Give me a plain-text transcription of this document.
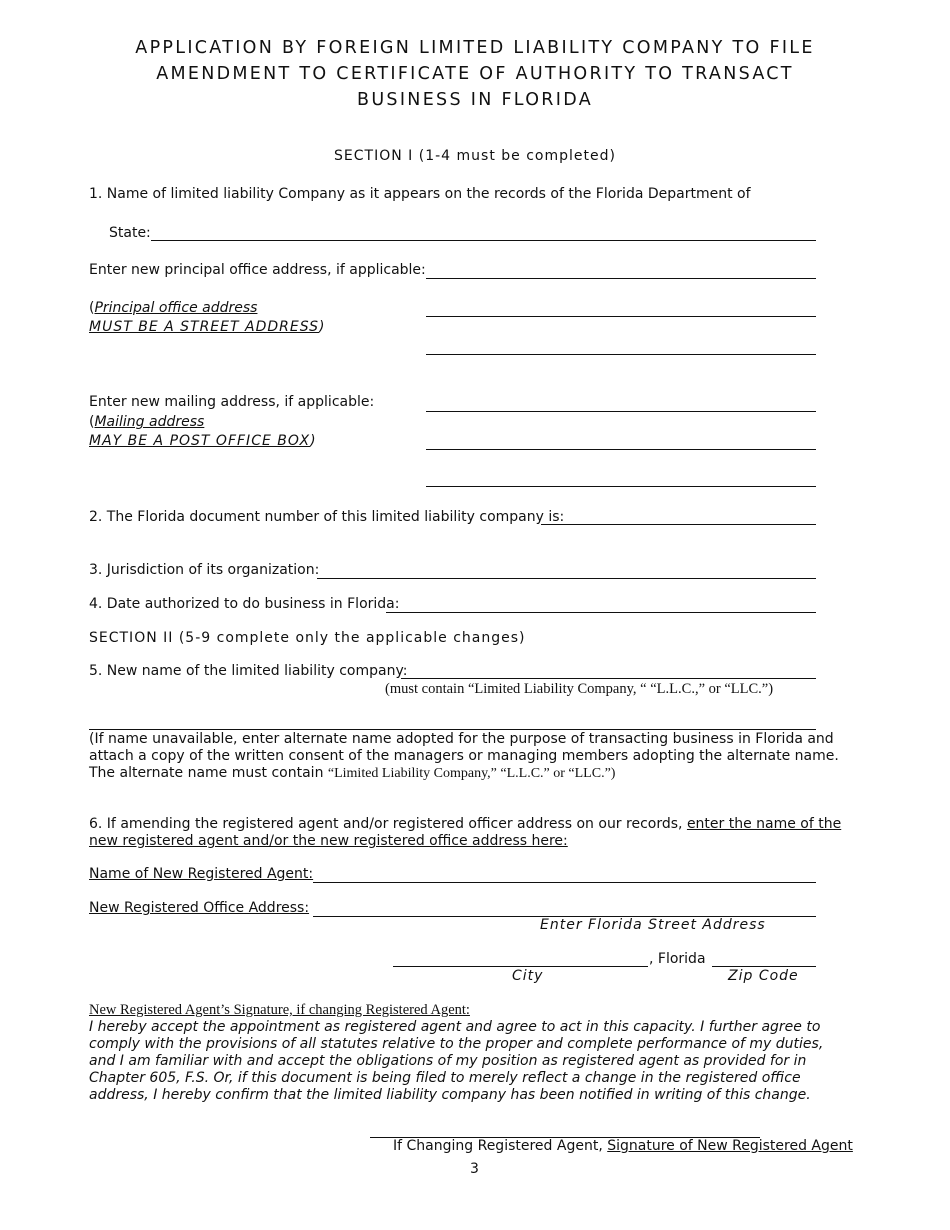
APPLICATION BY FOREIGN LIMITED LIABILITY COMPANY TO FILE
AMENDMENT TO CERTIFICATE OF AUTHORITY TO TRANSACT
BUSINESS IN FLORIDA
SECTION I (1-4 must be completed)
1. Name of limited liability Company as it appears on the records of the Florida Department of
State:
Enter new principal office address, if applicable:
(Principal office address
MUST BE A STREET ADDRESS)
Enter new mailing address, if applicable:
(Mailing address
MAY BE A POST OFFICE BOX)
2. The Florida document number of this limited liability company is:
3. Jurisdiction of its organization:
4. Date authorized to do business in Florida:
SECTION II (5-9 complete only the applicable changes)
5. New name of the limited liability company:
(must contain “Limited Liability Company, “ “L.L.C.,” or “LLC.”)
(If name unavailable, enter alternate name adopted for the purpose of transacting business in Florida and attach a copy of the written consent of the managers or managing members adopting the alternate name. The alternate name must contain “Limited Liability Company,” “L.L.C.” or “LLC.”)
6. If amending the registered agent and/or registered officer address on our records, enter the name of the new registered agent and/or the new registered office address here:
Name of New Registered Agent:
New Registered Office Address:
Enter Florida Street Address
, Florida
City	Zip Code
New Registered Agent’s Signature, if changing Registered Agent:
I hereby accept the appointment as registered agent and agree to act in this capacity. I further agree to comply with the provisions of all statutes relative to the proper and complete performance of my duties, and I am familiar with and accept the obligations of my position as registered agent as provided for in Chapter 605, F.S. Or, if this document is being filed to merely reflect a change in the registered office address, I hereby confirm that the limited liability company has been notified in writing of this change.
If Changing Registered Agent, Signature of New Registered Agent
3
